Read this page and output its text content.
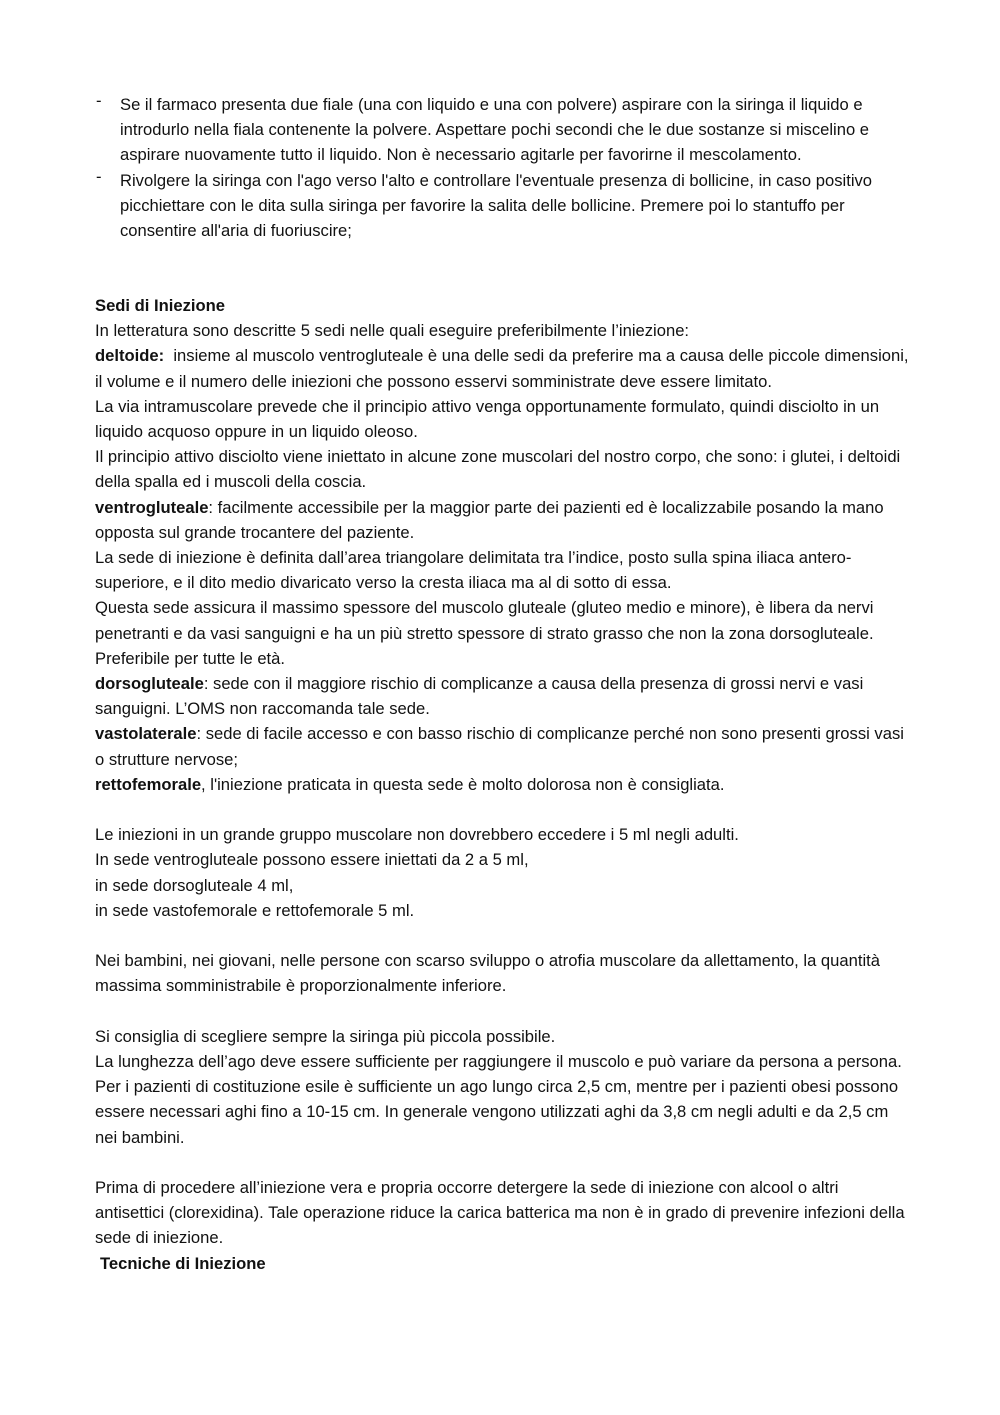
- Se il farmaco presenta due fiale (una con liquido e una con polvere) aspirare con la siringa il liquido e introdurlo nella fiala contenente la polvere. Aspettare pochi secondi che le due sostanze si miscelino e aspirare nuovamente tutto il liquido. Non è necessario agitarle per favorirne il mescolamento.
- Rivolgere la siringa con l'ago verso l'alto e controllare l'eventuale presenza di bollicine, in caso positivo picchiettare con le dita sulla siringa per favorire la salita delle bollicine. Premere poi lo stantuffo per consentire all'aria di fuoriuscire;

Sedi di Iniezione

In letteratura sono descritte 5 sedi nelle quali eseguire preferibilmente l’iniezione:

deltoide:  insieme al muscolo ventrogluteale è una delle sedi da preferire ma a causa delle piccole dimensioni, il volume e il numero delle iniezioni che possono esservi somministrate deve essere limitato.

La via intramuscolare prevede che il principio attivo venga opportunamente formulato, quindi disciolto in un liquido acquoso oppure in un liquido oleoso.

Il principio attivo disciolto viene iniettato in alcune zone muscolari del nostro corpo, che sono: i glutei, i deltoidi della spalla ed i muscoli della coscia.

ventrogluteale: facilmente accessibile per la maggior parte dei pazienti ed è localizzabile posando la mano opposta sul grande trocantere del paziente.

La sede di iniezione è definita dall’area triangolare delimitata tra l’indice, posto sulla spina iliaca antero-superiore, e il dito medio divaricato verso la cresta iliaca ma al di sotto di essa.

Questa sede assicura il massimo spessore del muscolo gluteale (gluteo medio e minore), è libera da nervi penetranti e da vasi sanguigni e ha un più stretto spessore di strato grasso che non la zona dorsogluteale. Preferibile per tutte le età.

dorsogluteale: sede con il maggiore rischio di complicanze a causa della presenza di grossi nervi e vasi sanguigni. L’OMS non raccomanda tale sede.

vastolaterale: sede di facile accesso e con basso rischio di complicanze perché non sono presenti grossi vasi o strutture nervose;

rettofemorale, l'iniezione praticata in questa sede è molto dolorosa non è consigliata.

Le iniezioni in un grande gruppo muscolare non dovrebbero eccedere i 5 ml negli adulti.

In sede ventrogluteale possono essere iniettati da 2 a 5 ml,

in sede dorsogluteale 4 ml,

in sede vastofemorale e rettofemorale 5 ml.

Nei bambini, nei giovani, nelle persone con scarso sviluppo o atrofia muscolare da allettamento, la quantità massima somministrabile è proporzionalmente inferiore.

Si consiglia di scegliere sempre la siringa più piccola possibile.

La lunghezza dell’ago deve essere sufficiente per raggiungere il muscolo e può variare da persona a persona. Per i pazienti di costituzione esile è sufficiente un ago lungo circa 2,5 cm, mentre per i pazienti obesi possono essere necessari aghi fino a 10-15 cm. In generale vengono utilizzati aghi da 3,8 cm negli adulti e da 2,5 cm nei bambini.

Prima di procedere all’iniezione vera e propria occorre detergere la sede di iniezione con alcool o altri antisettici (clorexidina). Tale operazione riduce la carica batterica ma non è in grado di prevenire infezioni della sede di iniezione.

Tecniche di Iniezione
